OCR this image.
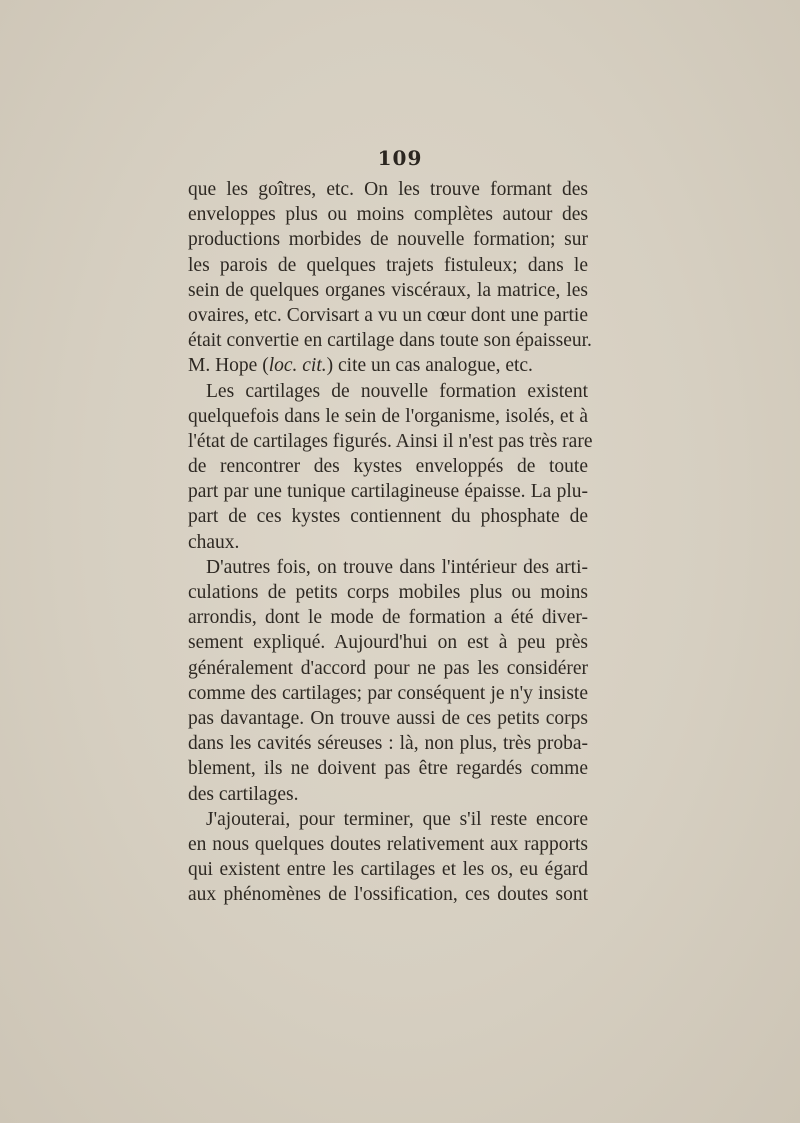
109
que les goîtres, etc. On les trouve formant des
enveloppes plus ou moins complètes autour des
productions morbides de nouvelle formation; sur
les parois de quelques trajets fistuleux; dans le
sein de quelques organes viscéraux, la matrice, les
ovaires, etc. Corvisart a vu un cœur dont une partie
était convertie en cartilage dans toute son épaisseur.
M. Hope (loc. cit.) cite un cas analogue, etc.
Les cartilages de nouvelle formation existent
quelquefois dans le sein de l'organisme, isolés, et à
l'état de cartilages figurés. Ainsi il n'est pas très rare
de rencontrer des kystes enveloppés de toute
part par une tunique cartilagineuse épaisse. La plu-
part de ces kystes contiennent du phosphate de
chaux.
D'autres fois, on trouve dans l'intérieur des arti-
culations de petits corps mobiles plus ou moins
arrondis, dont le mode de formation a été diver-
sement expliqué. Aujourd'hui on est à peu près
généralement d'accord pour ne pas les considérer
comme des cartilages; par conséquent je n'y insiste
pas davantage. On trouve aussi de ces petits corps
dans les cavités séreuses : là, non plus, très proba-
blement, ils ne doivent pas être regardés comme
des cartilages.
J'ajouterai, pour terminer, que s'il reste encore
en nous quelques doutes relativement aux rapports
qui existent entre les cartilages et les os, eu égard
aux phénomènes de l'ossification, ces doutes sont
